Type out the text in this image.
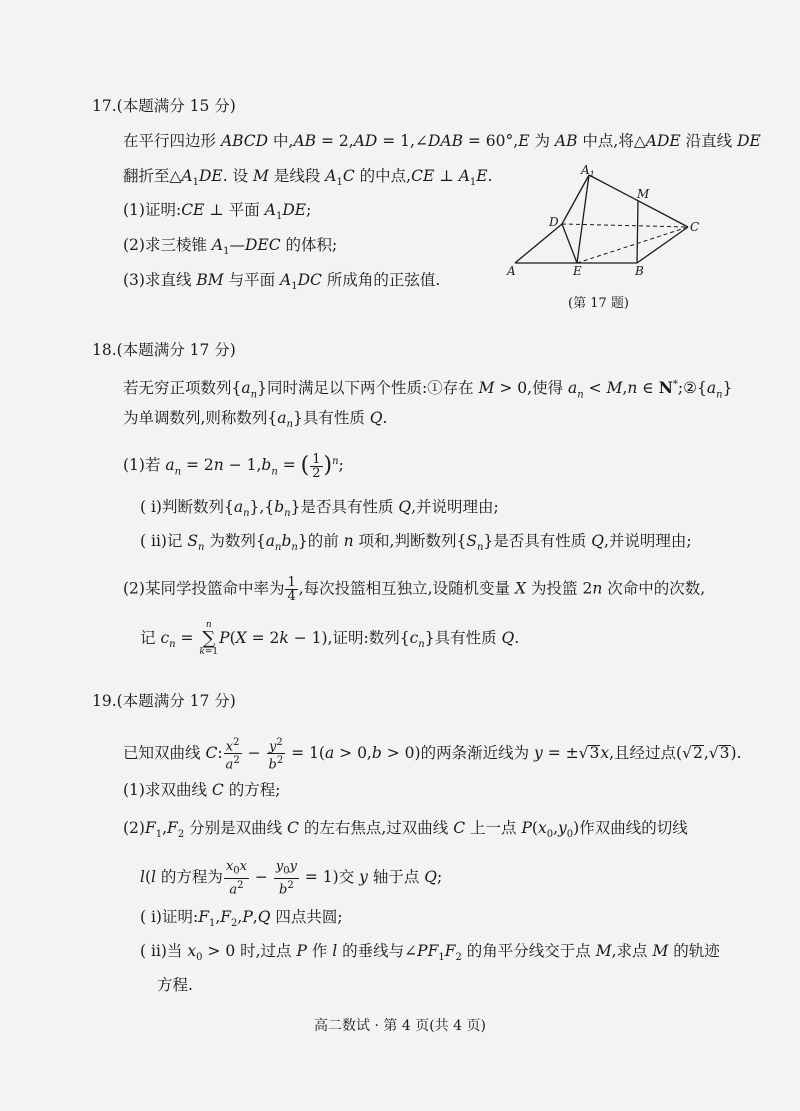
17.(本题满分 15 分)
在平行四边形 ABCD 中,AB = 2,AD = 1,∠DAB = 60°,E 为 AB 中点,将△ADE 沿直线 DE
翻折至$\triangle A_1DE$. 设 M 是线段 $A_1C$ 的中点,CE ⊥ $A_1E$.
(1)证明:CE ⊥ 平面 $A_1DE$;
(2)求三棱锥 $A_1—DEC$ 的体积;
(3)求直线 BM 与平面 $A_1DC$ 所成角的正弦值.
$A_1$
M
D	C
A	E	B
(第 17 题)
18.(本题满分 17 分)
若无穷正项数列$\{a_n\}$同时满足以下两个性质:①存在 M > 0,使得 $a_n < M,n$ ∈ $N^*;②\{a_n\}$
为单调数列,则称数列$\{a_n\}$具有性质 Q.
(1)若 $a_n = 2n - 1,b_n$ = ( $\frac{1}{2} )^n$;
( ⅰ)判断数列$\{a_n\},\{b_n\}$是否具有性质 Q,并说明理由;
( ⅱ)记 $S_n$ 为数列$\{a_nb_n\}$的前 n 项和,判断数列$\{S_n\}$是否具有性质 Q,并说明理由;
(2)某同学投篮命中率为 $\frac{1}{4}$ ,每次投篮相互独立,设随机变量 X 为投篮 2n 次命中的次数,
记 $c_n$ =
n
∑
k=1
P(X = 2k − 1),证明:数列$\{c_n\}$具有性质 Q.
19.(本题满分 17 分)
已知双曲线 C: $\frac{x^2}{a^2} - \frac{y^2}{b^2} = 1(a > 0,b > 0)$的两条渐近线为 y = ±√3x,且经过点(√2,√3).
(1)求双曲线 C 的方程;
$(2)F_1,F_2$ 分别是双曲线 C 的左右焦点,过双曲线 C 上一点 $P(x_0,y_0)$作双曲线的切线
l(l 的方程为 $\frac{x_0x}{a^2} - \frac{y_0y}{b^2} = 1$)交 y 轴于点 Q;
( ⅰ)证明$:F_1,F_2,P,Q$ 四点共圆;
( ⅱ)当 $x_0 > 0$ 时,过点 P 作 l 的垂线与$\angle PF_1F_2$ 的角平分线交于点 M,求点 M 的轨迹
方程.
高二数试 · 第 4 页(共 4 页)
